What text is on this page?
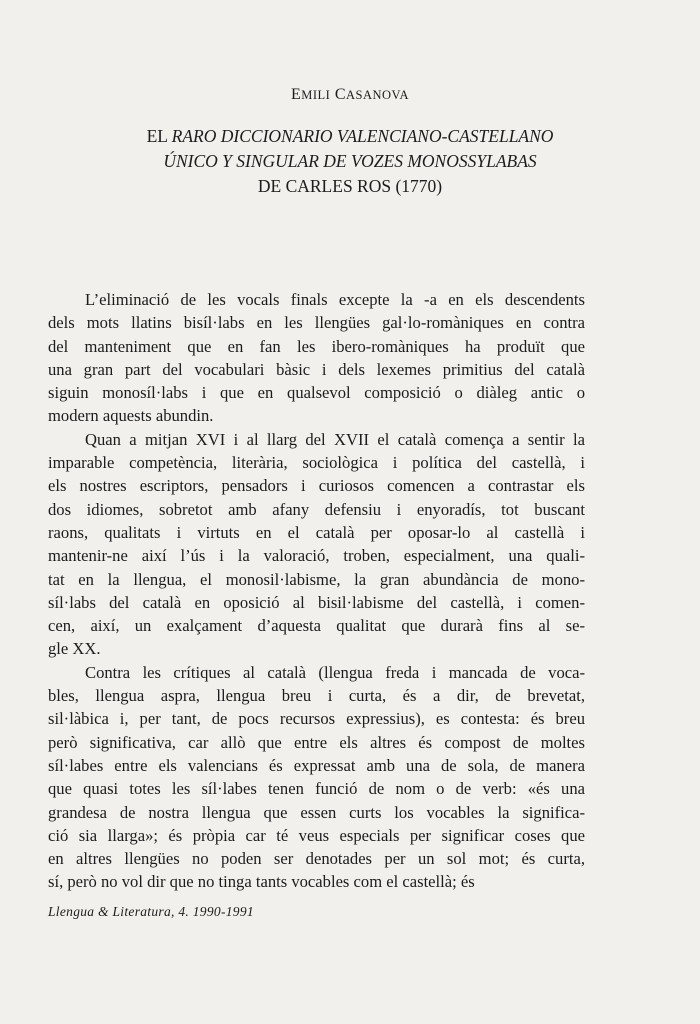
EMILI CASANOVA
EL RARO DICCIONARIO VALENCIANO-CASTELLANO
ÚNICO Y SINGULAR DE VOZES MONOSSYLABAS
DE CARLES ROS (1770)

L’eliminació de les vocals finals excepte la -a en els descendents
dels mots llatins bisíl·labs en les llengües gal·lo-romàniques en contra
del manteniment que en fan les ibero-romàniques ha produït que
una gran part del vocabulari bàsic i dels lexemes primitius del català
siguin monosíl·labs i que en qualsevol composició o diàleg antic o
modern aquests abundin.

Quan a mitjan XVI i al llarg del XVII el català comença a sentir la
imparable competència, literària, sociològica i política del castellà, i
els nostres escriptors, pensadors i curiosos comencen a contrastar els
dos idiomes, sobretot amb afany defensiu i enyoradís, tot buscant
raons, qualitats i virtuts en el català per oposar-lo al castellà i
mantenir-ne així l’ús i la valoració, troben, especialment, una quali-
tat en la llengua, el monosil·labisme, la gran abundància de mono-
síl·labs del català en oposició al bisil·labisme del castellà, i comen-
cen, així, un exalçament d’aquesta qualitat que durarà fins al se-
gle XX.

Contra les crítiques al català (llengua freda i mancada de voca-
bles, llengua aspra, llengua breu i curta, és a dir, de brevetat,
sil·làbica i, per tant, de pocs recursos expressius), es contesta: és breu
però significativa, car allò que entre els altres és compost de moltes
síl·labes entre els valencians és expressat amb una de sola, de manera
que quasi totes les síl·labes tenen funció de nom o de verb: «és una
grandesa de nostra llengua que essen curts los vocables la significa-
ció sia llarga»; és pròpia car té veus especials per significar coses que
en altres llengües no poden ser denotades per un sol mot; és curta,
sí, però no vol dir que no tinga tants vocables com el castellà; és

Llengua & Literatura, 4. 1990-1991
